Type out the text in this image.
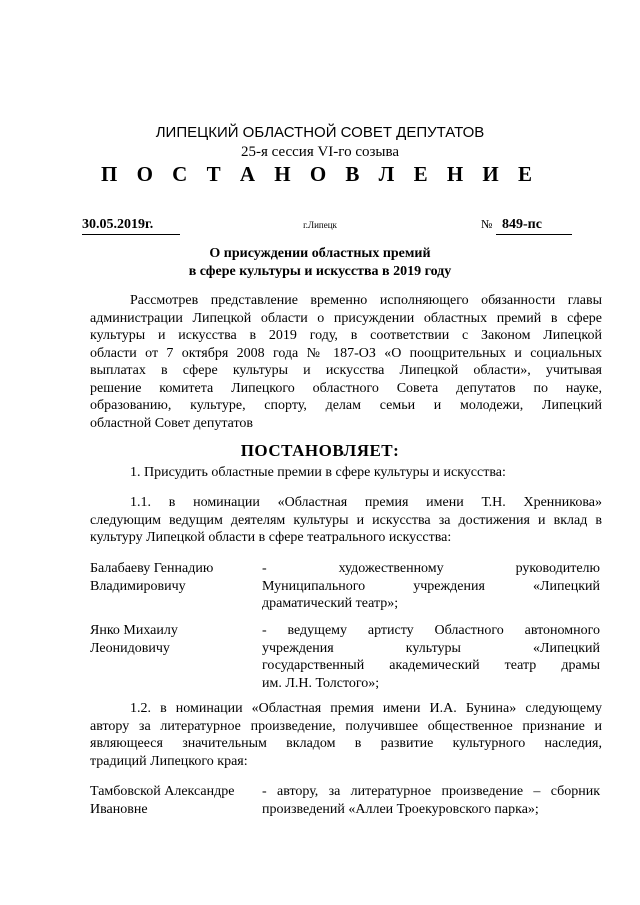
ЛИПЕЦКИЙ ОБЛАСТНОЙ СОВЕТ ДЕПУТАТОВ
25-я сессия VI-го созыва
П О С Т А Н О В Л Е Н И Е
30.05.2019г.	г.Липецк	№ 849-пс
О присуждении областных премий
в сфере культуры и искусства в 2019 году
Рассмотрев представление временно исполняющего обязанности главы
администрации Липецкой области о присуждении областных премий в сфере
культуры и искусства в 2019 году, в соответствии с Законом Липецкой
области от 7 октября 2008 года № 187-ОЗ «О поощрительных и социальных
выплатах в сфере культуры и искусства Липецкой области», учитывая
решение комитета Липецкого областного Совета депутатов по науке,
образованию, культуре, спорту, делам семьи и молодежи, Липецкий
областной Совет депутатов
ПОСТАНОВЛЯЕТ:
1. Присудить областные премии в сфере культуры и искусства:
1.1. в номинации «Областная премия имени Т.Н. Хренникова»
следующим ведущим деятелям культуры и искусства за достижения и вклад в
культуру Липецкой области в сфере театрального искусства:
Балабаеву Геннадию
Владимировичу
-          художественному          руководителю
Муниципального       учреждения       «Липецкий
драматический театр»;
Янко Михаилу
Леонидовичу
- ведущему артисту Областного автономного
учреждения         культуры         «Липецкий
государственный академический театр драмы
им. Л.Н. Толстого»;
1.2. в номинации «Областная премия имени И.А. Бунина» следующему
автору за литературное произведение, получившее общественное признание и
являющееся значительным вкладом в развитие культурного наследия,
традиций Липецкого края:
Тамбовской Александре
Ивановне
- автору, за литературное произведение – сборник
произведений «Аллеи Троекуровского парка»;
